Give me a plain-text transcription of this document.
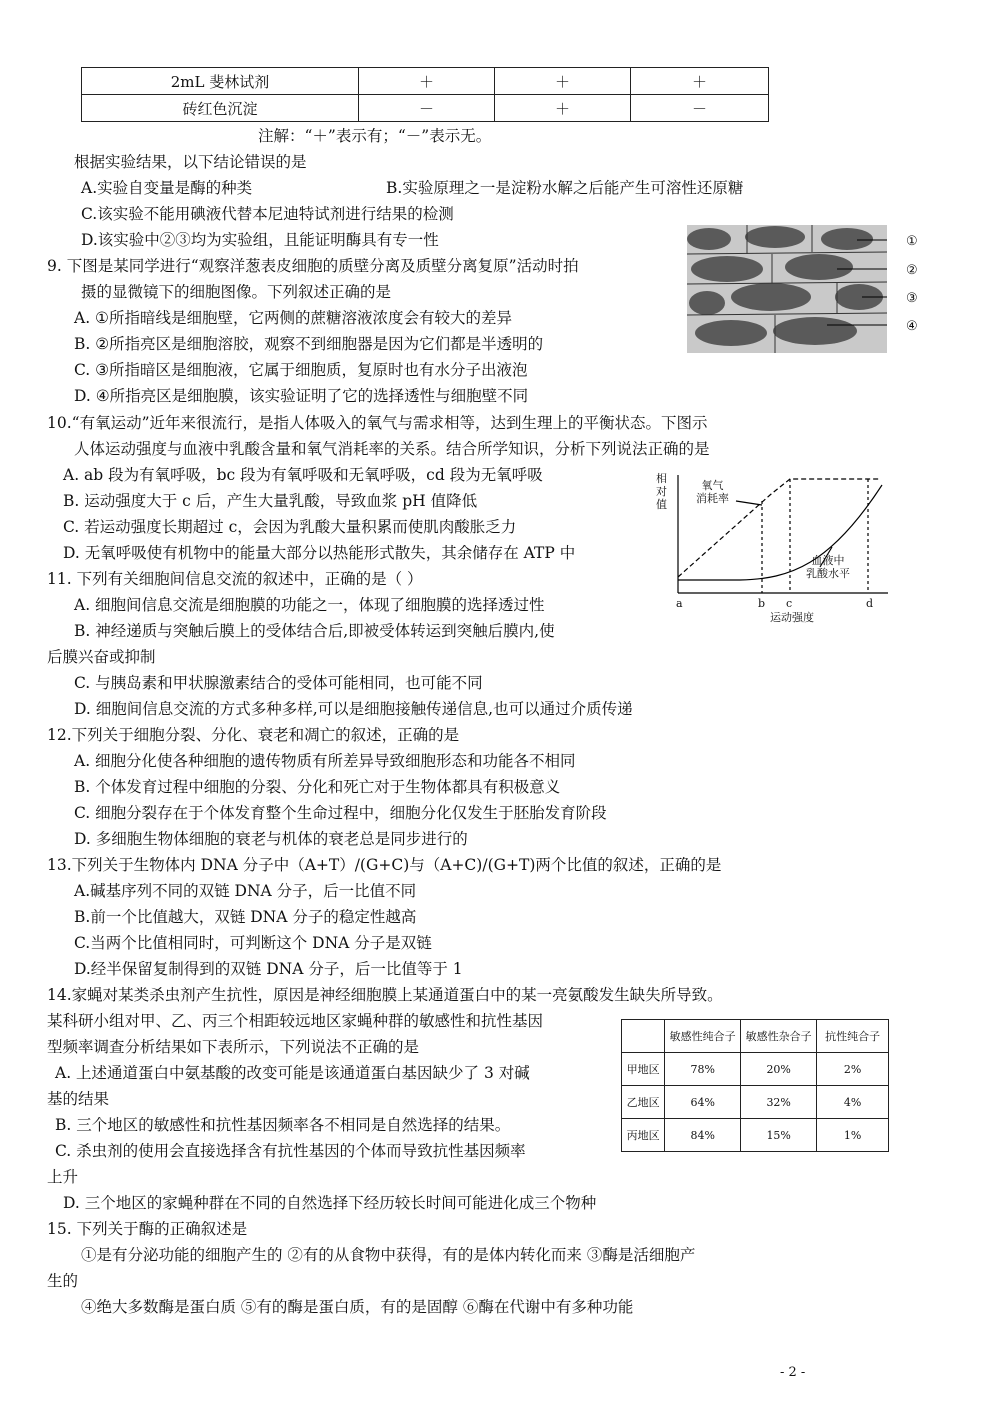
2mL 斐林试剂	＋	＋	＋
砖红色沉淀	－	＋	－
注解：“＋”表示有；“－”表示无。
根据实验结果，以下结论错误的是
A.实验自变量是酶的种类	B.实验原理之一是淀粉水解之后能产生可溶性还原糖
C.该实验不能用碘液代替本尼迪特试剂进行结果的检测
D.该实验中②③均为实验组，且能证明酶具有专一性
9. 下图是某同学进行“观察洋葱表皮细胞的质壁分离及质壁分离复原”活动时拍
摄的显微镜下的细胞图像。下列叙述正确的是
A. ①所指暗线是细胞壁，它两侧的蔗糖溶液浓度会有较大的差异
B. ②所指亮区是细胞溶胶，观察不到细胞器是因为它们都是半透明的
C. ③所指暗区是细胞液，它属于细胞质，复原时也有水分子出液泡
D. ④所指亮区是细胞膜，该实验证明了它的选择透性与细胞壁不同
①
②
③
④
10.“有氧运动”近年来很流行，是指人体吸入的氧气与需求相等，达到生理上的平衡状态。下图示
人体运动强度与血液中乳酸含量和氧气消耗率的关系。结合所学知识，分析下列说法正确的是
A. ab 段为有氧呼吸，bc 段为有氧呼吸和无氧呼吸，cd 段为无氧呼吸
B. 运动强度大于 c 后，产生大量乳酸，导致血浆 pH 值降低
C. 若运动强度长期超过 c，会因为乳酸大量积累而使肌肉酸胀乏力
D. 无氧呼吸使有机物中的能量大部分以热能形式散失，其余储存在 ATP 中
相
对
值
氧气
消耗率
血液中
乳酸水平
a	b c	d
运动强度
11. 下列有关细胞间信息交流的叙述中，正确的是（ ）
A. 细胞间信息交流是细胞膜的功能之一，体现了细胞膜的选择透过性
B. 神经递质与突触后膜上的受体结合后,即被受体转运到突触后膜内,使
后膜兴奋或抑制
C. 与胰岛素和甲状腺激素结合的受体可能相同，也可能不同
D. 细胞间信息交流的方式多种多样,可以是细胞接触传递信息,也可以通过介质传递
12.下列关于细胞分裂、分化、衰老和凋亡的叙述，正确的是
A. 细胞分化使各种细胞的遗传物质有所差异导致细胞形态和功能各不相同
B. 个体发育过程中细胞的分裂、分化和死亡对于生物体都具有积极意义
C. 细胞分裂存在于个体发育整个生命过程中，细胞分化仅发生于胚胎发育阶段
D. 多细胞生物体细胞的衰老与机体的衰老总是同步进行的
13.下列关于生物体内 DNA 分子中（A+T）/(G+C)与（A+C)/(G+T)两个比值的叙述，正确的是
A.碱基序列不同的双链 DNA 分子，后一比值不同
B.前一个比值越大，双链 DNA 分子的稳定性越高
C.当两个比值相同时，可判断这个 DNA 分子是双链
D.经半保留复制得到的双链 DNA 分子，后一比值等于 1
14.家蝇对某类杀虫剂产生抗性，原因是神经细胞膜上某通道蛋白中的某一亮氨酸发生缺失所导致。
某科研小组对甲、乙、丙三个相距较远地区家蝇种群的敏感性和抗性基因
型频率调查分析结果如下表所示，下列说法不正确的是
A. 上述通道蛋白中氨基酸的改变可能是该通道蛋白基因缺少了 3 对碱
基的结果
B. 三个地区的敏感性和抗性基因频率各不相同是自然选择的结果。
C. 杀虫剂的使用会直接选择含有抗性基因的个体而导致抗性基因频率
上升
D. 三个地区的家蝇种群在不同的自然选择下经历较长时间可能进化成三个物种
	敏感性纯合子	敏感性杂合子	抗性纯合子
甲地区	78%	20%	2%
乙地区	64%	32%	4%
丙地区	84%	15%	1%
15. 下列关于酶的正确叙述是
①是有分泌功能的细胞产生的 ②有的从食物中获得，有的是体内转化而来 ③酶是活细胞产
生的
④绝大多数酶是蛋白质 ⑤有的酶是蛋白质，有的是固醇 ⑥酶在代谢中有多种功能
- 2 -
